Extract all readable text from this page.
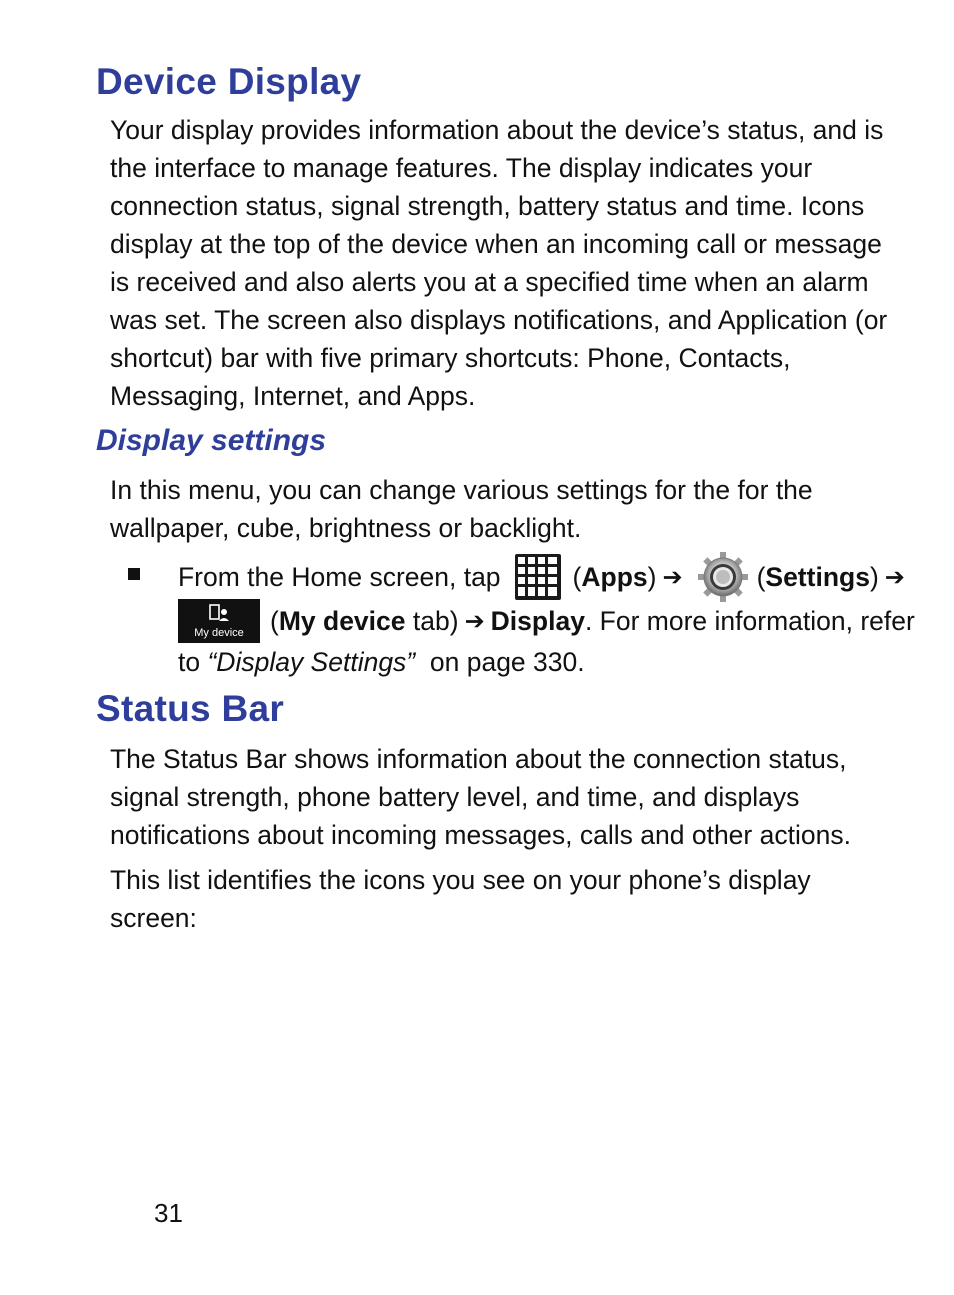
Device Display

Your display provides information about the device’s status, and is the interface to manage features. The display indicates your connection status, signal strength, battery status and time. Icons display at the top of the device when an incoming call or message is received and also alerts you at a specified time when an alarm was set. The screen also displays notifications, and Application (or shortcut) bar with five primary shortcuts: Phone, Contacts, Messaging, Internet, and Apps.

Display settings

In this menu, you can change various settings for the for the wallpaper, cube, brightness or backlight.

From the Home screen, tap	( Apps ) ➔	( Settings ) ➔
My device ( My device
tab) ➔ Display . For more information, refer
to
“Display Settings”
on page 330.
Status Bar

The Status Bar shows information about the connection status, signal strength, phone battery level, and time, and displays notifications about incoming messages, calls and other actions.

This list identifies the icons you see on your phone’s display screen:

31
